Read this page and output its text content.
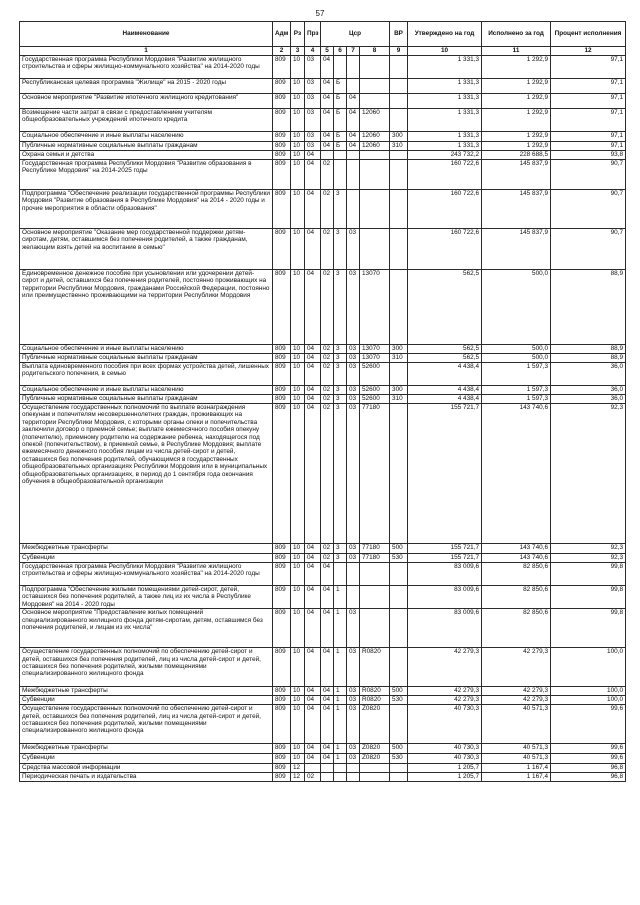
57
Наименование	Адм	Рз	Прз	Цср				ВР	Утверждено на год	Исполнено за год	Процент исполнения
1	2	3	4	5	6	7	8	9	10	11	12
Государственная программа Республики Мордовия "Развитие жилищного строительства и сферы жилищно-коммунального хозяйства" на 2014-2020 годы	809	10	03	04					1 331,3	1 292,9	97,1
Республиканская целевая программа "Жилище" на 2015 - 2020 годы	809	10	03	04	Б				1 331,3	1 292,9	97,1
Основное мероприятие "Развитие ипотечного жилищного кредитования"	809	10	03	04	Б	04			1 331,3	1 292,9	97,1
Возмещение части затрат в связи с предоставлением учителям общеобразовательных учреждений ипотечного кредита	809	10	03	04	Б	04	12060		1 331,3	1 292,9	97,1
Социальное обеспечение и иные выплаты населению	809	10	03	04	Б	04	12060	300	1 331,3	1 292,9	97,1
Публичные нормативные социальные выплаты гражданам	809	10	03	04	Б	04	12060	310	1 331,3	1 292,9	97,1
Охрана семьи и детства	809	10	04						243 732,2	228 688,5	93,8
Государственная программа Республики Мордовия "Развитие образования в Республике Мордовия" на 2014-2025 годы	809	10	04	02					160 722,6	145 837,9	90,7
Подпрограмма "Обеспечение реализации государственной программы Республики Мордовия "Развитие образования в Республике Мордовия" на 2014 - 2020 годы и прочие мероприятия в области образования"	809	10	04	02	3				160 722,6	145 837,9	90,7
Основное мероприятие "Оказание мер государственной поддержки детям-сиротам, детям, оставшимся без попечения родителей, а также гражданам, желающим взять детей на воспитание в семью"	809	10	04	02	3	03			160 722,6	145 837,9	90,7
Единовременное денежное пособие при усыновлении или удочерении детей-сирот и детей, оставшихся без попечения родителей, постоянно проживающих на территории Республики Мордовия, гражданами Российской Федерации, постоянно или преимущественно проживающими на территории Республики Мордовия	809	10	04	02	3	03	13070		562,5	500,0	88,9
Социальное обеспечение и иные выплаты населению	809	10	04	02	3	03	13070	300	562,5	500,0	88,9
Публичные нормативные социальные выплаты гражданам	809	10	04	02	3	03	13070	310	562,5	500,0	88,9
Выплата единовременного пособия при всех формах устройства детей, лишенных родительского попечения, в семью	809	10	04	02	3	03	52600		4 438,4	1 597,3	36,0
Социальное обеспечение и иные выплаты населению	809	10	04	02	3	03	52600	300	4 438,4	1 597,3	36,0
Публичные нормативные социальные выплаты гражданам	809	10	04	02	3	03	52600	310	4 438,4	1 597,3	36,0
Осуществление государственных полномочий по выплате вознаграждения опекунам и попечителям несовершеннолетних граждан, проживающих на территории Республики Мордовия, с которыми органы опеки и попечительства заключили договор о приемной семье; выплате ежемесячного пособия опекуну (попечителю), приемному родителю на содержание ребенка, находящегося под опекой (попечительством), в приемной семье, в Республике Мордовия; выплате ежемесячного денежного пособия лицам из числа детей-сирот и детей, оставшихся без попечения родителей, обучающимся в государственных общеобразовательных организациях Республики Мордовия или в муниципальных общеобразовательных организациях, в период до 1 сентября года окончания обучения в общеобразовательной организации	809	10	04	02	3	03	77180		155 721,7	143 740,6	92,3
Межбюджетные трансферты	809	10	04	02	3	03	77180	500	155 721,7	143 740,6	92,3
Субвенции	809	10	04	02	3	03	77180	530	155 721,7	143 740,6	92,3
Государственная программа Республики Мордовия "Развитие жилищного строительства и сферы жилищно-коммунального хозяйства" на 2014-2020 годы	809	10	04	04					83 009,6	82 850,6	99,8
Подпрограмма "Обеспечение жилыми помещениями детей-сирот, детей, оставшихся без попечения родителей, а также лиц из их числа в Республике Мордовия" на 2014 - 2020 годы	809	10	04	04	1				83 009,6	82 850,6	99,8
Основное мероприятие "Предоставление жилых помещений специализированного жилищного фонда детям-сиротам, детям, оставшимся без попечения родителей, и лицам из их числа"	809	10	04	04	1	03			83 009,6	82 850,6	99,8
Осуществление государственных полномочий по обеспечению детей-сирот и детей, оставшихся без попечения родителей, лиц из числа детей-сирот и детей, оставшихся без попечения родителей, жилыми помещениями специализированного жилищного фонда	809	10	04	04	1	03	R0820		42 279,3	42 279,3	100,0
Межбюджетные трансферты	809	10	04	04	1	03	R0820	500	42 279,3	42 279,3	100,0
Субвенции	809	10	04	04	1	03	R0820	530	42 279,3	42 279,3	100,0
Осуществление государственных полномочий по обеспечению детей-сирот и детей, оставшихся без попечения родителей, лиц из числа детей-сирот и детей, оставшихся без попечения родителей, жилыми помещениями специализированного жилищного фонда	809	10	04	04	1	03	Z0820		40 730,3	40 571,3	99,6
Межбюджетные трансферты	809	10	04	04	1	03	Z0820	500	40 730,3	40 571,3	99,6
Субвенции	809	10	04	04	1	03	Z0820	530	40 730,3	40 571,3	99,6
Средства массовой информации	809	12							1 205,7	1 167,4	96,8
Периодическая печать и издательства	809	12	02						1 205,7	1 167,4	96,8
